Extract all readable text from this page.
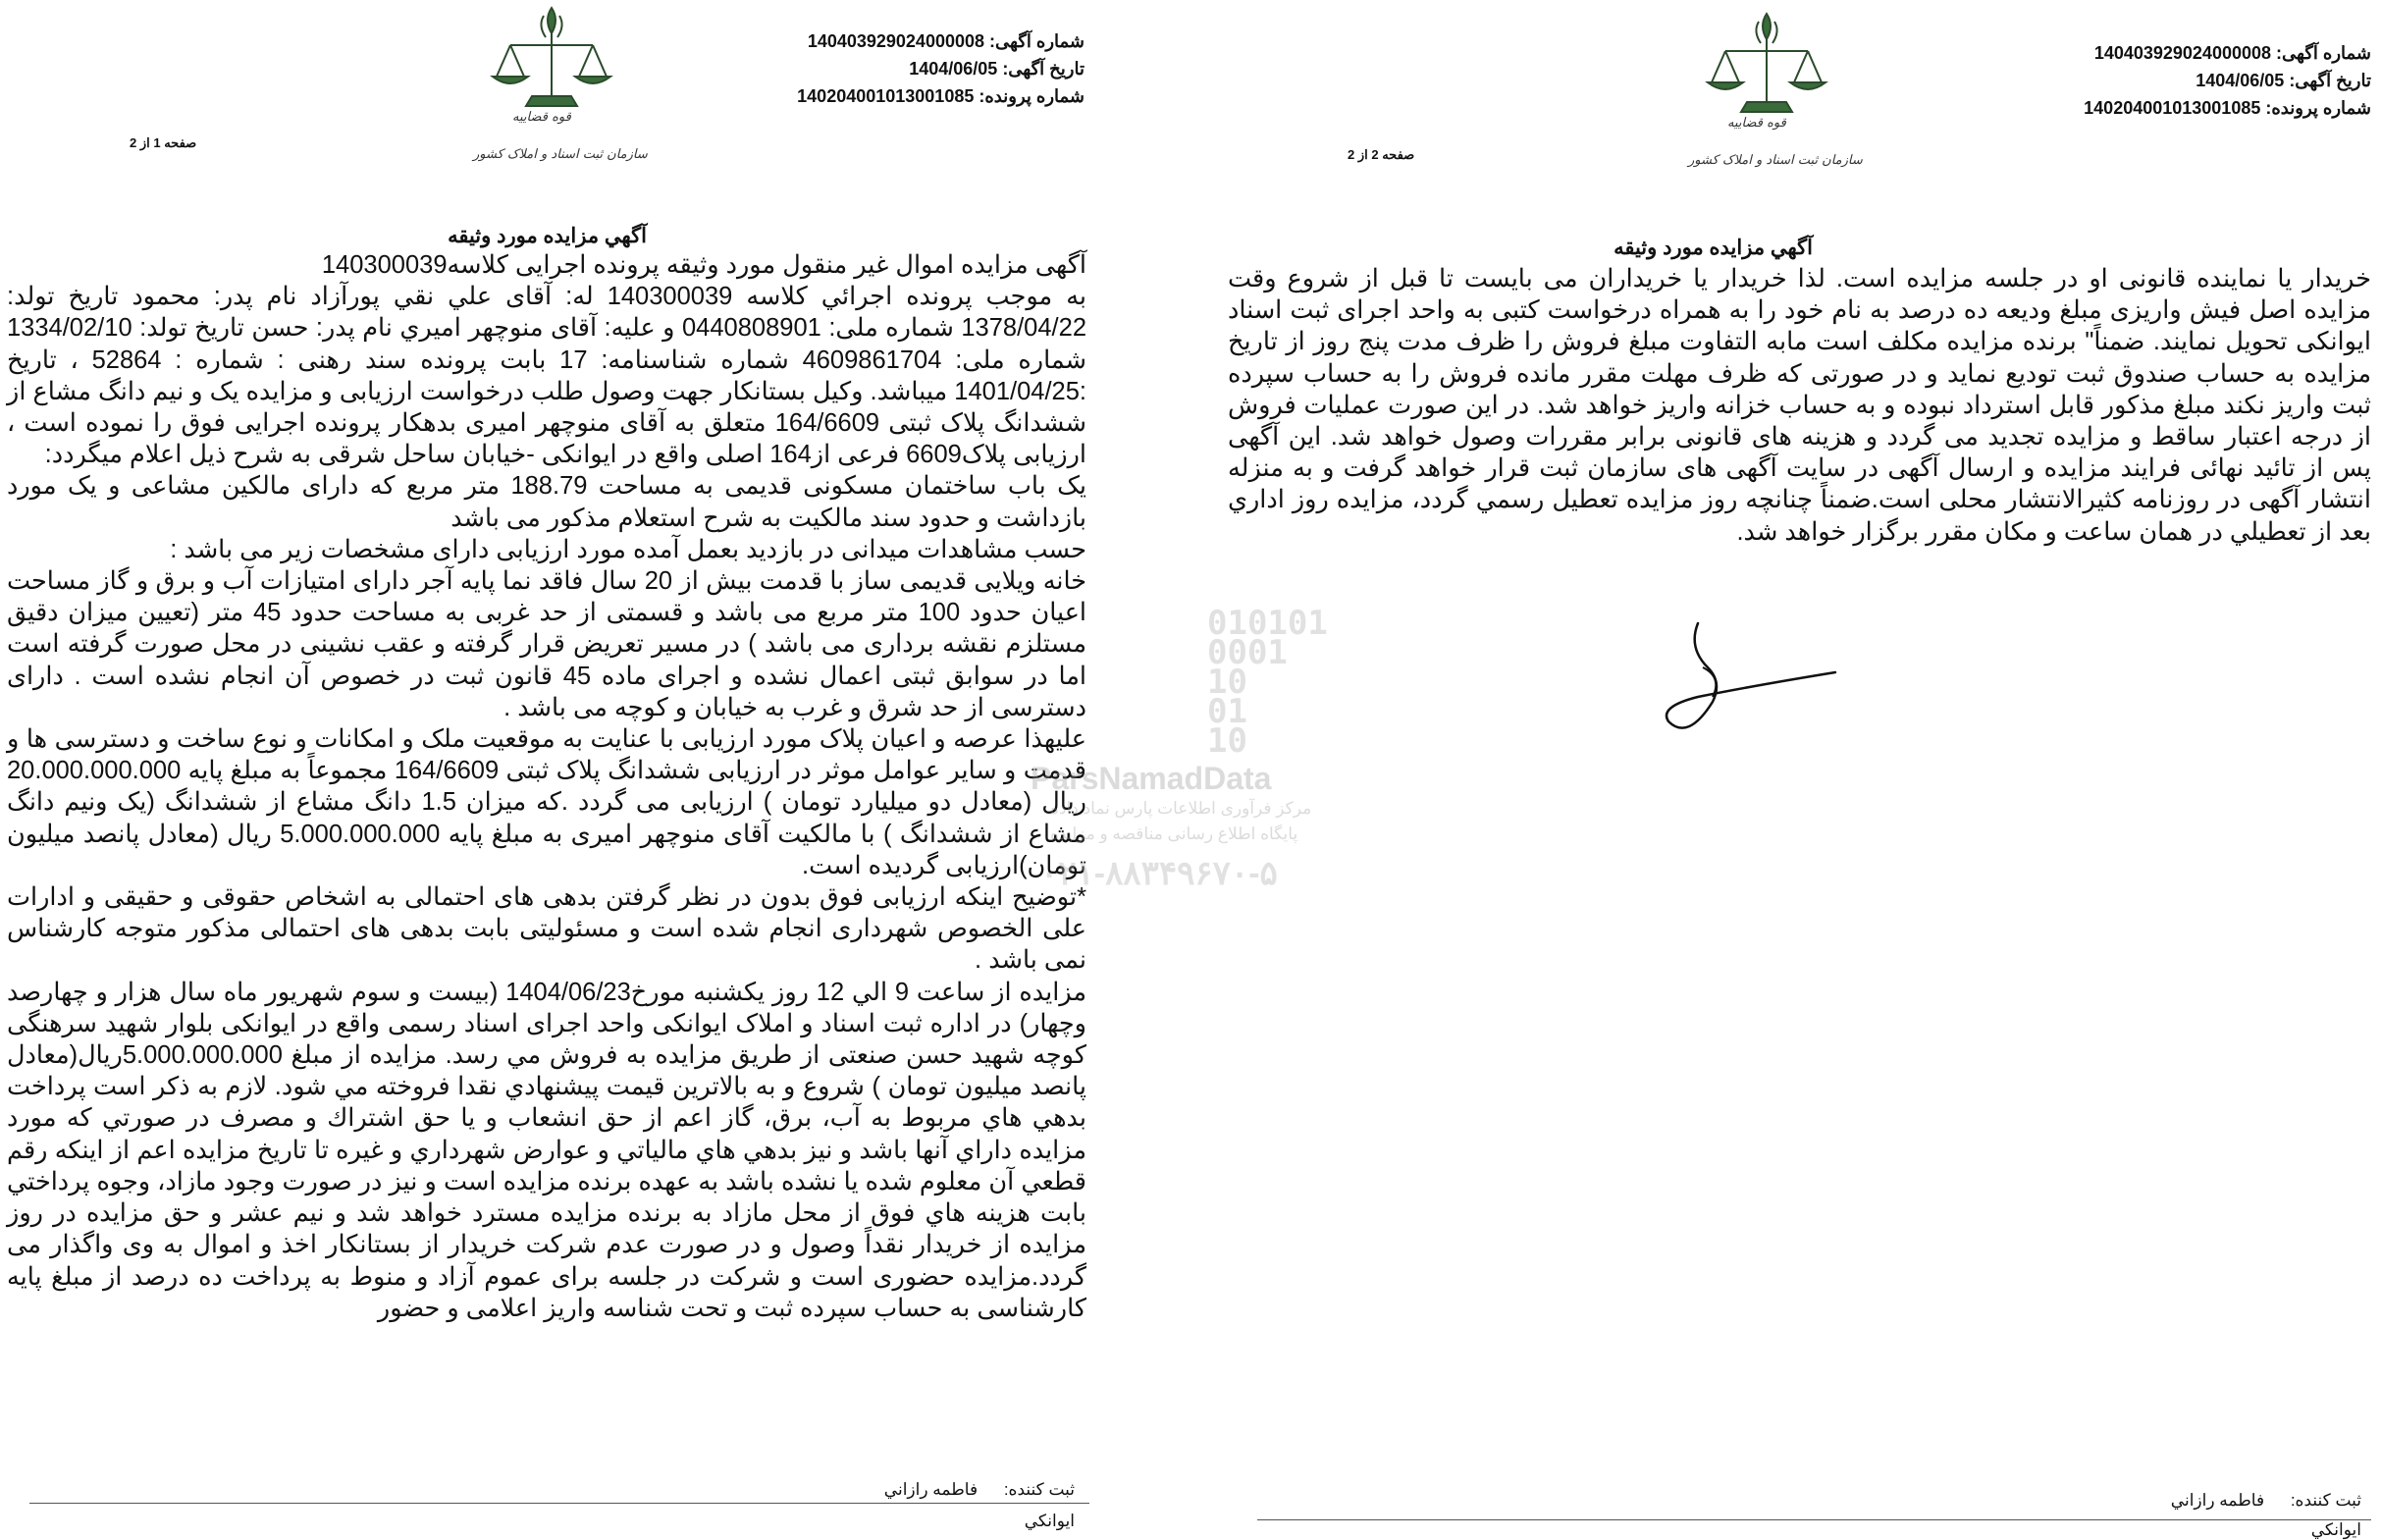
شماره آگهی: 140403929024000008
تاریخ آگهی: 1404/06/05
شماره پرونده: 140204001013001085
قوه قضاییه
سازمان ثبت اسناد و املاک کشور
صفحه 1 از 2
آگهي مزايده مورد وثيقه
آگهی مزایده اموال غیر منقول مورد وثیقه پرونده اجرایی کلاسه140300039
به موجب پرونده اجرائي کلاسه 140300039 له: آقای علي نقي پورآزاد نام پدر: محمود تاريخ تولد: 1378/04/22 شماره ملی: 0440808901 و علیه: آقای منوچهر اميري نام پدر: حسن تاريخ تولد: 1334/02/10 شماره ملی: 4609861704 شماره شناسنامه: 17 بابت پرونده سند رهنی : شماره : 52864 ، تاریخ :1401/04/25 میباشد. وکیل بستانکار جهت وصول طلب درخواست ارزیابی و مزایده یک و نیم دانگ مشاع از ششدانگ پلاک ثبتی 164/6609 متعلق به آقای منوچهر امیری بدهکار پرونده اجرایی فوق را نموده است ، ارزیابی پلاک6609 فرعی از164 اصلی واقع در ایوانکی -خیابان ساحل شرقی به شرح ذیل اعلام میگردد:
یک باب ساختمان مسکونی قدیمی به مساحت 188.79 متر مربع که دارای مالکین مشاعی و یک مورد بازداشت و حدود سند مالکیت به شرح استعلام مذکور می باشد
حسب مشاهدات میدانی در بازدید بعمل آمده مورد ارزیابی دارای مشخصات زیر می باشد :
خانه ویلایی قدیمی ساز با قدمت بیش از 20 سال فاقد نما پایه آجر دارای امتیازات آب و برق و گاز مساحت اعیان حدود 100 متر مربع می باشد و قسمتی از حد غربی به مساحت حدود 45 متر (تعیین میزان دقیق مستلزم نقشه برداری می باشد ) در مسیر تعریض قرار گرفته و عقب نشینی در محل صورت گرفته است اما در سوابق ثبتی اعمال نشده و اجرای ماده 45 قانون ثبت در خصوص آن انجام نشده است . دارای دسترسی از حد شرق و غرب به خیابان و کوچه می باشد .
علیهذا عرصه و اعیان پلاک مورد ارزیابی با عنایت به موقعیت ملک و امکانات و نوع ساخت و دسترسی ها و قدمت و سایر عوامل موثر در ارزیابی ششدانگ پلاک ثبتی 164/6609 مجموعاً به مبلغ پایه 20.000.000.000 ریال (معادل دو میلیارد تومان ) ارزیابی می گردد .که میزان 1.5 دانگ مشاع از ششدانگ (یک ونیم دانگ مشاع از ششدانگ ) با مالکیت آقای منوچهر امیری به مبلغ پایه 5.000.000.000 ریال (معادل پانصد میلیون تومان)ارزیابی گردیده است.
*توضیح اینکه ارزیابی فوق بدون در نظر گرفتن بدهی های احتمالی به اشخاص حقوقی و حقیقی و ادارات علی الخصوص شهرداری انجام شده است و مسئولیتی بابت بدهی های احتمالی مذکور متوجه کارشناس نمی باشد .
مزایده از ساعت 9 الي 12 روز يکشنبه مورخ1404/06/23 (بيست و سوم شهريور ماه سال هزار و چهارصد وچهار) در اداره ثبت اسناد و املاک ایوانکی واحد اجرای اسناد رسمی واقع در ایوانکی بلوار شهید سرهنگی کوچه شهید حسن صنعتی از طریق مزایده به فروش مي رسد. مزايده از مبلغ 5.000.000.000ريال(معادل پانصد ميليون تومان ) شروع و به بالاترين قيمت پيشنهادي نقدا فروخته مي شود. لازم به ذکر است پرداخت بدهي هاي مربوط به آب، برق، گاز اعم از حق انشعاب و يا حق اشتراك و مصرف در صورتي که مورد مزايده داراي آنها باشد و نيز بدهي هاي مالياتي و عوارض شهرداري و غيره تا تاريخ مزايده اعم از اينکه رقم قطعي آن معلوم شده يا نشده باشد به عهده برنده مزايده است و نيز در صورت وجود مازاد، وجوه پرداختي بابت هزينه هاي فوق از محل مازاد به برنده مزايده مسترد خواهد شد و نيم عشر و حق مزايده در روز مزايده از خريدار نقداً وصول و در صورت عدم شرکت خريدار از بستانکار اخذ و اموال به وی واگذار می گردد.مزایده حضوری است و شرکت در جلسه برای عموم آزاد و منوط به پرداخت ده درصد از مبلغ پایه کارشناسی به حساب سپرده ثبت و تحت شناسه واریز اعلامی و حضور
ثبت کننده: فاطمه رازاني
ايوانکي
شماره آگهی: 140403929024000008
تاریخ آگهی: 1404/06/05
شماره پرونده: 140204001013001085
قوه قضاییه
سازمان ثبت اسناد و املاک کشور
صفحه 2 از 2
آگهي مزايده مورد وثيقه
خریدار یا نماینده قانونی او در جلسه مزایده است. لذا خریدار یا خریداران می بایست تا قبل از شروع وقت مزایده اصل فیش واریزی مبلغ ودیعه ده درصد به نام خود را به همراه درخواست کتبی به واحد اجرای ثبت اسناد ایوانکی تحویل نمایند. ضمناً" برنده مزایده مکلف است مابه التفاوت مبلغ فروش را ظرف مدت پنج روز از تاریخ مزایده به حساب صندوق ثبت تودیع نماید و در صورتی که ظرف مهلت مقرر مانده فروش را به حساب سپرده ثبت واریز نکند مبلغ مذکور قابل استرداد نبوده و به حساب خزانه واریز خواهد شد. در این صورت عملیات فروش از درجه اعتبار ساقط و مزایده تجدید می گردد و هزینه های قانونی برابر مقررات وصول خواهد شد. این آگهی پس از تائید نهائی فرایند مزایده و ارسال آگهی در سایت آگهی های سازمان ثبت قرار خواهد گرفت و به منزله انتشار آگهی در روزنامه کثیرالانتشار محلی است.ضمناً چنانچه روز مزايده تعطيل رسمي گردد، مزايده روز اداري بعد از تعطيلي در همان ساعت و مکان مقرر برگزار خواهد شد.
ثبت کننده: فاطمه رازاني
ايوانکي
010101
0001
10
01
10
ParsNamadData
مرکز فرآوری اطلاعات پارس نماد داده
پایگاه اطلاع رسانی مناقصه و مزایده
۰۲۱-۸۸۳۴۹۶۷۰-۵
